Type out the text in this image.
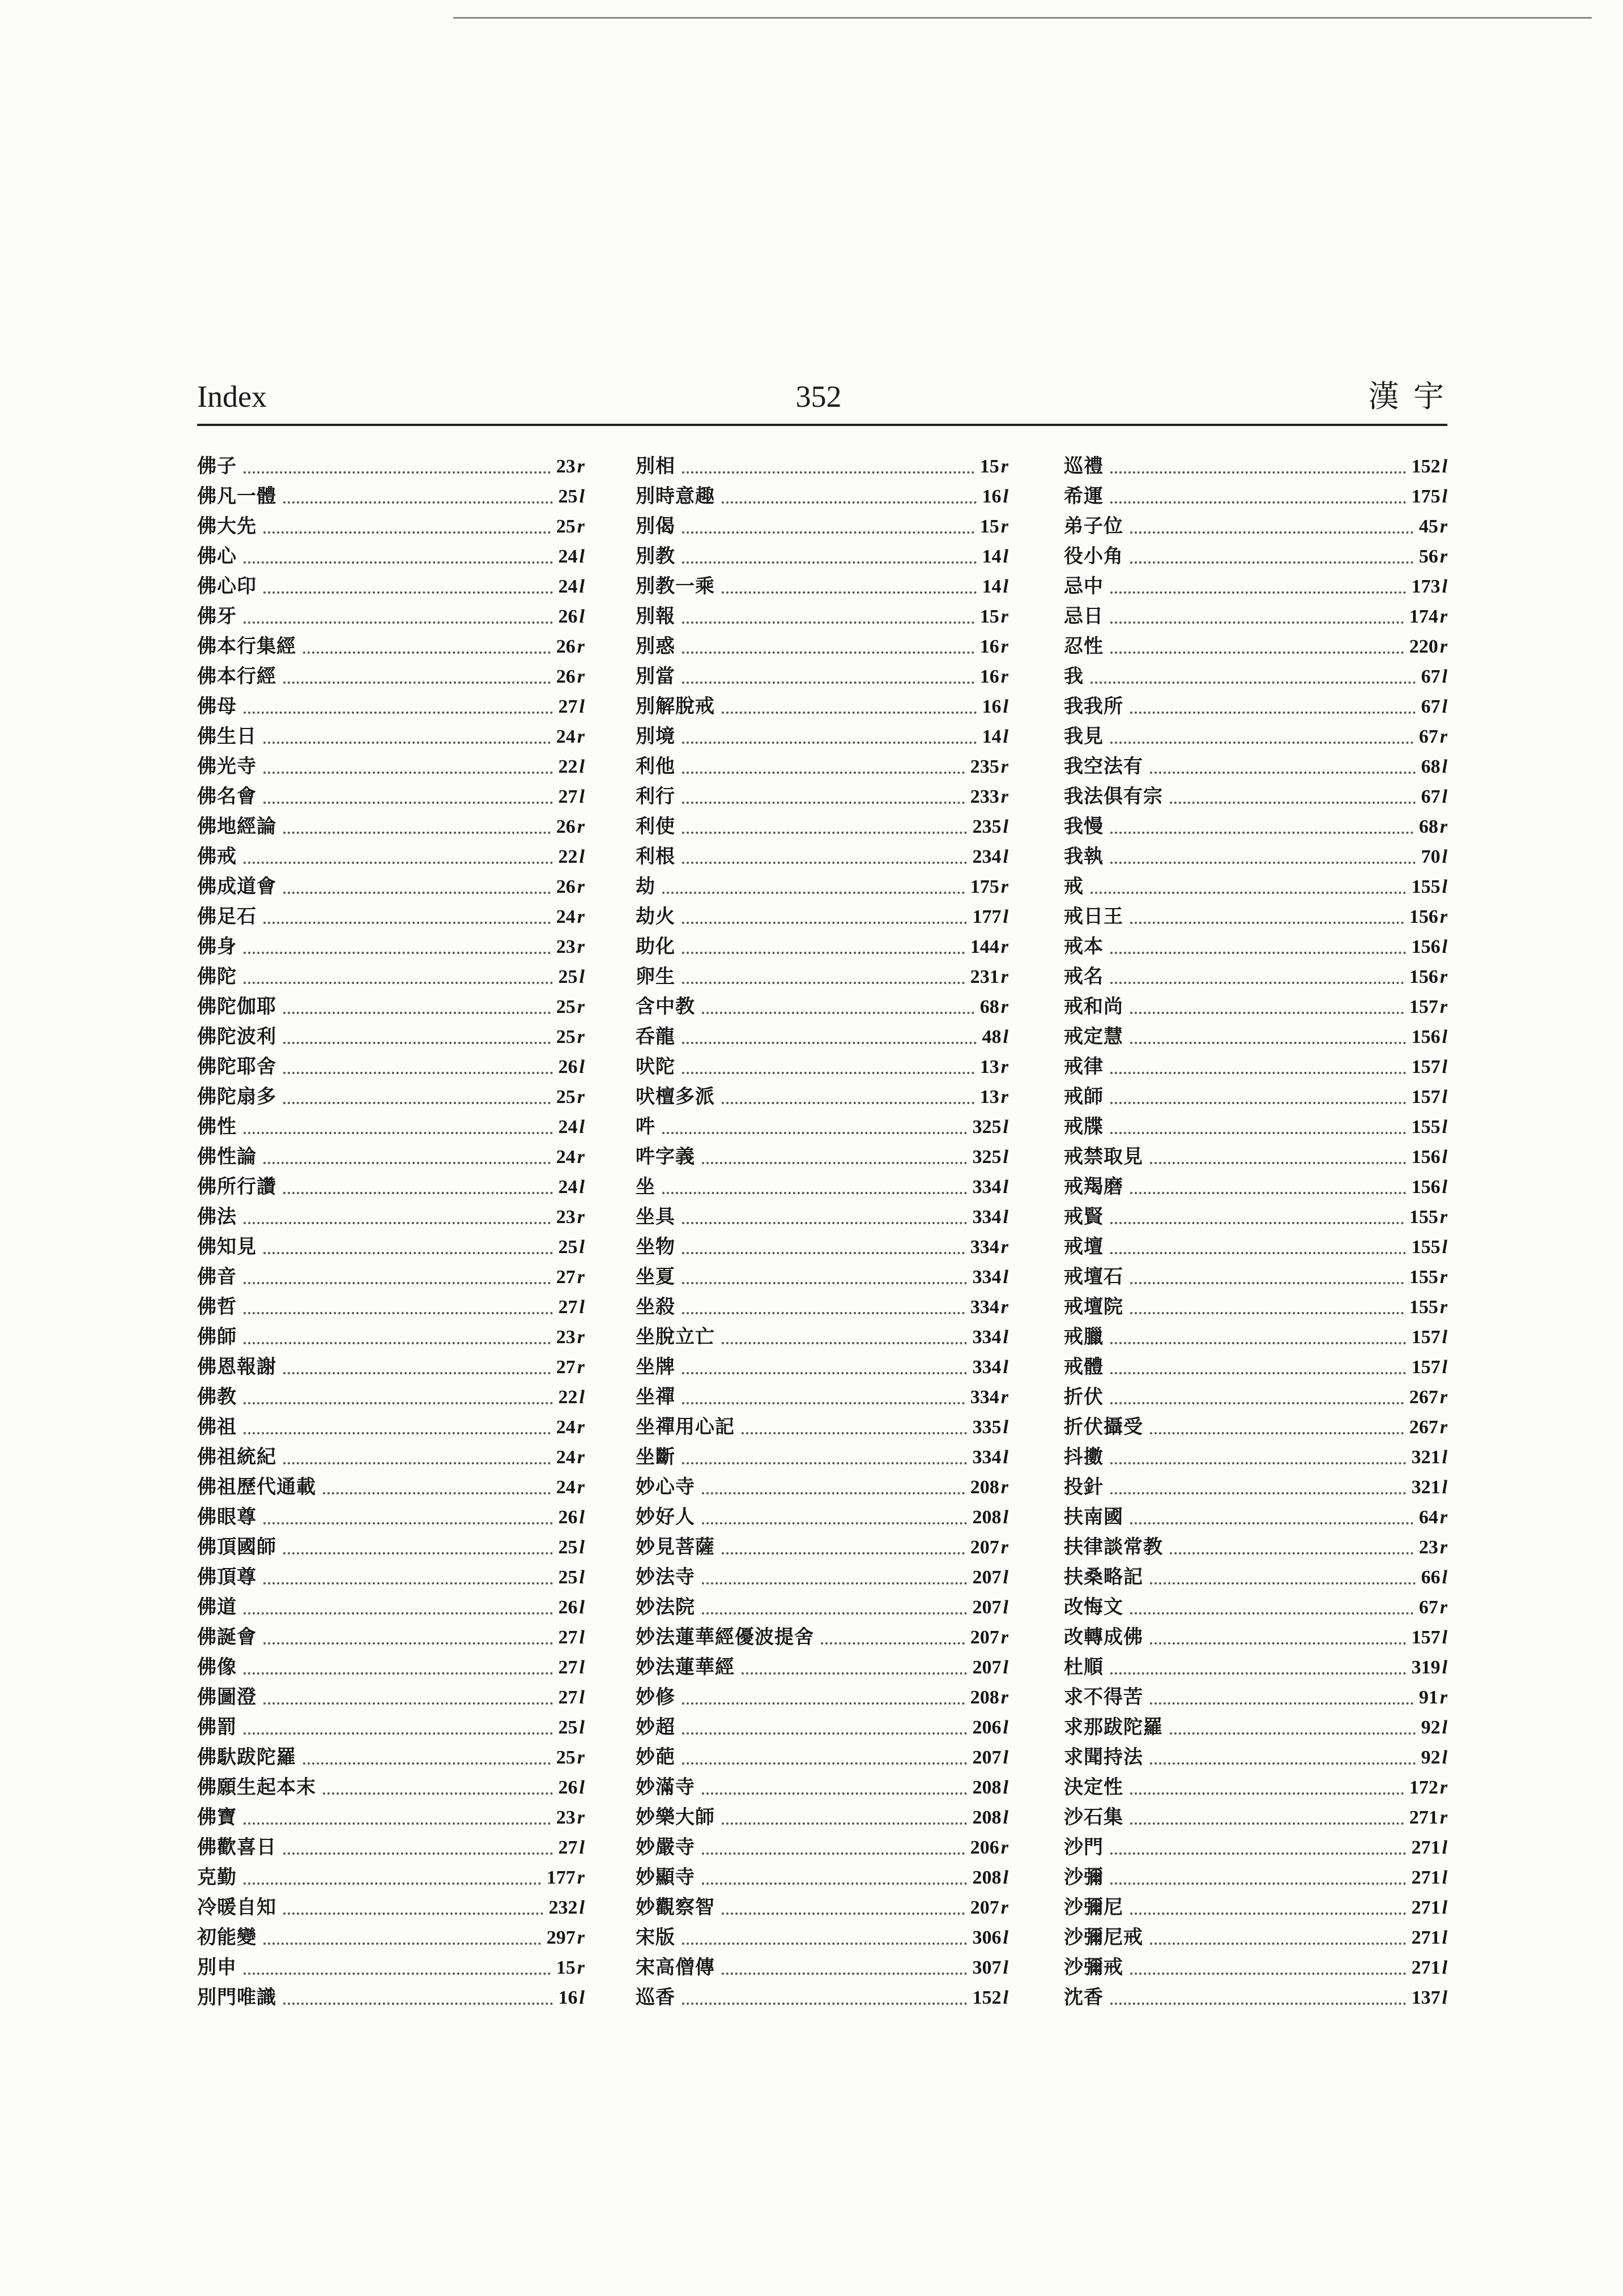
Index	352	漢 宇
佛子	23r
佛凡一體	25l
佛大先	25r
佛心	24l
佛心印	24l
佛牙	26l
佛本行集經	26r
佛本行經	26r
佛母	27l
佛生日	24r
佛光寺	22l
佛名會	27l
佛地經論	26r
佛戒	22l
佛成道會	26r
佛足石	24r
佛身	23r
佛陀	25l
佛陀伽耶	25r
佛陀波利	25r
佛陀耶舍	26l
佛陀扇多	25r
佛性	24l
佛性論	24r
佛所行讚	24l
佛法	23r
佛知見	25l
佛音	27r
佛哲	27l
佛師	23r
佛恩報謝	27r
佛教	22l
佛祖	24r
佛祖統紀	24r
佛祖歷代通載	24r
佛眼尊	26l
佛頂國師	25l
佛頂尊	25l
佛道	26l
佛誕會	27l
佛像	27l
佛圖澄	27l
佛罰	25l
佛馱跋陀羅	25r
佛願生起本末	26l
佛寶	23r
佛歡喜日	27l
克勤	177r
冷暖自知	232l
初能變	297r
別申	15r
別門唯識	16l
別相	15r
別時意趣	16l
別偈	15r
別教	14l
別教一乘	14l
別報	15r
別惑	16r
別當	16r
別解脫戒	16l
別境	14l
利他	235r
利行	233r
利使	235l
利根	234l
劫	175r
劫火	177l
助化	144r
卵生	231r
含中教	68r
呑龍	48l
吠陀	13r
吠檀多派	13r
吽	325l
吽字義	325l
坐	334l
坐具	334l
坐物	334r
坐夏	334l
坐殺	334r
坐脫立亡	334l
坐牌	334l
坐禪	334r
坐禪用心記	335l
坐斷	334l
妙心寺	208r
妙好人	208l
妙見菩薩	207r
妙法寺	207l
妙法院	207l
妙法蓮華經優波提舍	207r
妙法蓮華經	207l
妙修	208r
妙超	206l
妙葩	207l
妙滿寺	208l
妙樂大師	208l
妙嚴寺	206r
妙顯寺	208l
妙觀察智	207r
宋版	306l
宋高僧傳	307l
巡香	152l
巡禮	152l
希運	175l
弟子位	45r
役小角	56r
忌中	173l
忌日	174r
忍性	220r
我	67l
我我所	67l
我見	67r
我空法有	68l
我法俱有宗	67l
我慢	68r
我執	70l
戒	155l
戒日王	156r
戒本	156l
戒名	156r
戒和尚	157r
戒定慧	156l
戒律	157l
戒師	157l
戒牒	155l
戒禁取見	156l
戒羯磨	156l
戒賢	155r
戒壇	155l
戒壇石	155r
戒壇院	155r
戒臘	157l
戒體	157l
折伏	267r
折伏攝受	267r
抖擻	321l
投針	321l
扶南國	64r
扶律談常教	23r
扶桑略記	66l
改悔文	67r
改轉成佛	157l
杜順	319l
求不得苦	91r
求那跋陀羅	92l
求聞持法	92l
決定性	172r
沙石集	271r
沙門	271l
沙彌	271l
沙彌尼	271l
沙彌尼戒	271l
沙彌戒	271l
沈香	137l
